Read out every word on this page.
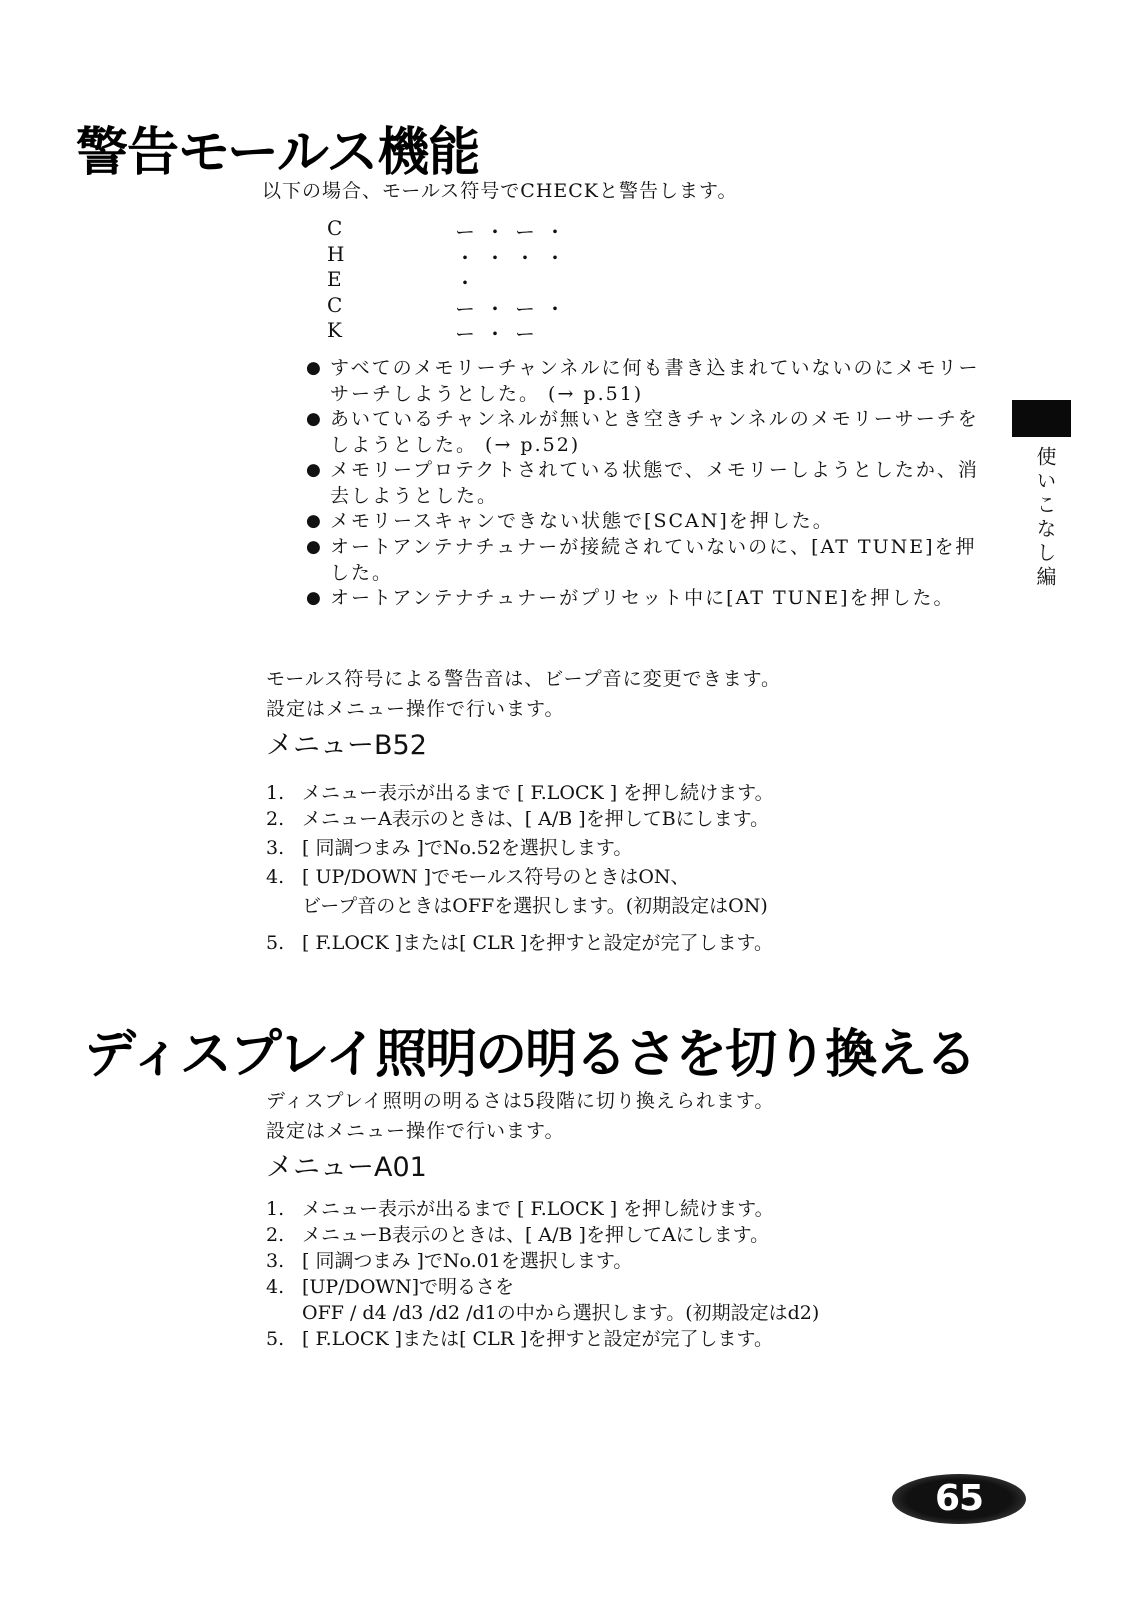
警告モールス機能
以下の場合、モールス符号でCHECKと警告します。
C	ー・ー・
H	・・・・
E	・
C	ー・ー・
K	ー・ー
● すべてのメモリーチャンネルに何も書き込まれていないのにメモリーサーチしようとした。 (→ p.51)
● あいているチャンネルが無いとき空きチャンネルのメモリーサーチをしようとした。 (→ p.52)
● メモリープロテクトされている状態で、メモリーしようとしたか、消去しようとした。
● メモリースキャンできない状態で[SCAN]を押した。
● オートアンテナチュナーが接続されていないのに、[AT TUNE]を押した。
● オートアンテナチュナーがプリセット中に[AT TUNE]を押した。
モールス符号による警告音は、ビープ音に変更できます。
設定はメニュー操作で行います。
メニューB52
1. メニュー表示が出るまで [ F.LOCK ] を押し続けます。
2. メニューA表示のときは、[ A/B ]を押してBにします。
3. [ 同調つまみ ]でNo.52を選択します。
4. [ UP/DOWN ]でモールス符号のときはON、
ビープ音のときはOFFを選択します。(初期設定はON)
5. [ F.LOCK ]または[ CLR ]を押すと設定が完了します。
ディスプレイ照明の明るさを切り換える
ディスプレイ照明の明るさは5段階に切り換えられます。
設定はメニュー操作で行います。
メニューA01
1. メニュー表示が出るまで [ F.LOCK ] を押し続けます。
2. メニューB表示のときは、[ A/B ]を押してAにします。
3. [ 同調つまみ ]でNo.01を選択します。
4. [UP/DOWN]で明るさを
OFF / d4 /d3 /d2 /d1の中から選択します。(初期設定はd2)
5. [ F.LOCK ]または[ CLR ]を押すと設定が完了します。
使いこなし編
65
